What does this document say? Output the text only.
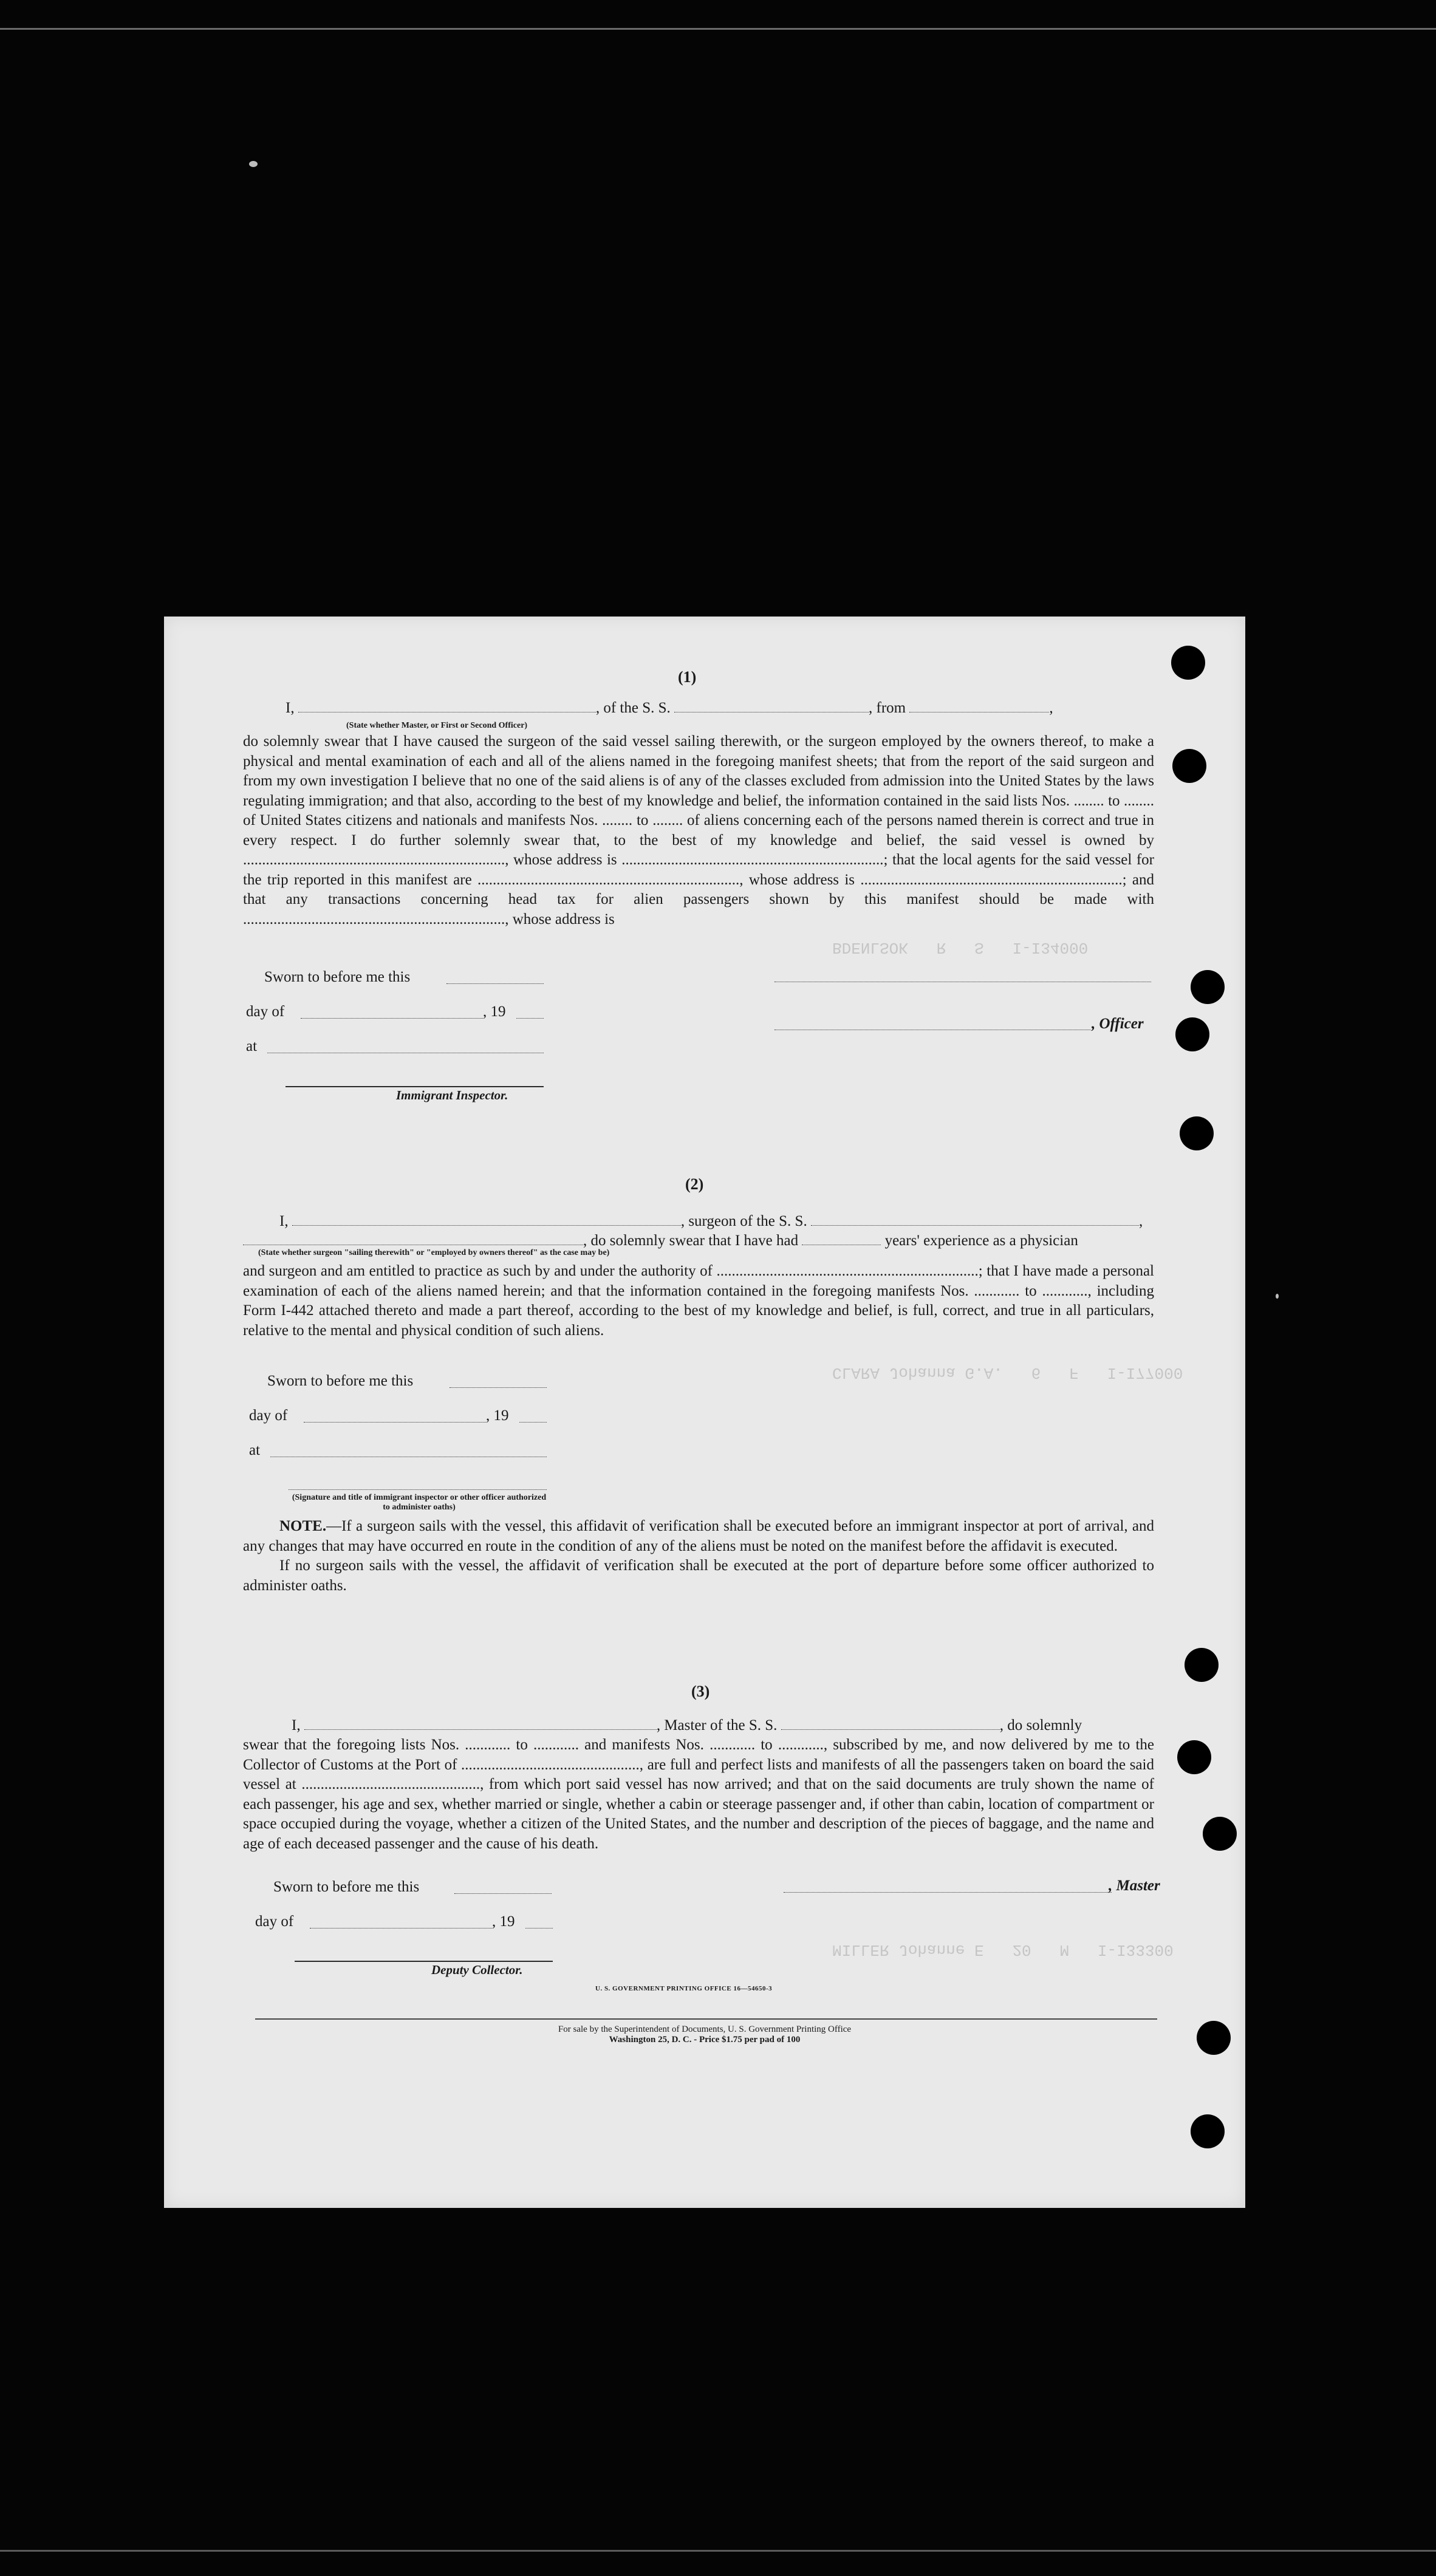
BDENLSOK   R   S   I-I34000
CLARA Johanna G.A.   6   F   I-I77000
MILLER Johanne E   20   M   I-I33300
(1)
I,	, of the S. S.	, from	,
(State whether Master, or First or Second Officer)

do solemnly swear that I have caused the surgeon of the said vessel sailing therewith, or the surgeon employed by the owners thereof, to make a physical and mental examination of each and all of the aliens named in the foregoing manifest sheets; that from the report of the said surgeon and from my own investigation I believe that no one of the said aliens is of any of the classes excluded from admission into the United States by the laws regulating immigration; and that also, according to the best of my knowledge and belief, the information contained in the said lists Nos. ........ to ........ of United States citizens and nationals and manifests Nos. ........ to ........ of aliens concerning each of the persons named therein is correct and true in every respect. I do further solemnly swear that, to the best of my knowledge and belief, the said vessel is owned by ....................................................................., whose address is .....................................................................; that the local agents for the said vessel for the trip reported in this manifest are ....................................................................., whose address is .....................................................................; and that any transactions concerning head tax for alien passengers shown by this manifest should be made with ....................................................................., whose address is

Sworn to before me this
day of	, 19
at
, Officer
Immigrant Inspector.
(2)
I,	, surgeon of the S. S.	,
, do solemnly swear that I have had	years' experience as a physician
(State whether surgeon "sailing therewith" or "employed by owners thereof" as the case may be)

and surgeon and am entitled to practice as such by and under the authority of .....................................................................; that I have made a personal examination of each of the aliens named herein; and that the information contained in the foregoing manifests Nos. ............ to ............, including Form I-442 attached thereto and made a part thereof, according to the best of my knowledge and belief, is full, correct, and true in all particulars, relative to the mental and physical condition of such aliens.

Sworn to before me this
day of	, 19
at
(Signature and title of immigrant inspector or other officer authorized to administer oaths)

NOTE.—If a surgeon sails with the vessel, this affidavit of verification shall be executed before an immigrant inspector at port of arrival, and any changes that may have occurred en route in the condition of any of the aliens must be noted on the manifest before the affidavit is executed.

If no surgeon sails with the vessel, the affidavit of verification shall be executed at the port of departure before some officer authorized to administer oaths.

(3)
I,	, Master of the S. S.	, do solemnly

swear that the foregoing lists Nos. ............ to ............ and manifests Nos. ............ to ............, subscribed by me, and now delivered by me to the Collector of Customs at the Port of ..............................................., are full and perfect lists and manifests of all the passengers taken on board the said vessel at ..............................................., from which port said vessel has now arrived; and that on the said documents are truly shown the name of each passenger, his age and sex, whether married or single, whether a cabin or steerage passenger and, if other than cabin, location of compartment or space occupied during the voyage, whether a citizen of the United States, and the number and description of the pieces of baggage, and the name and age of each deceased passenger and the cause of his death.

Sworn to before me this
day of	, 19
, Master
Deputy Collector.
U. S. GOVERNMENT PRINTING OFFICE 16—54650-3
For sale by the Superintendent of Documents, U. S. Government Printing Office
Washington 25, D. C. - Price $1.75 per pad of 100
